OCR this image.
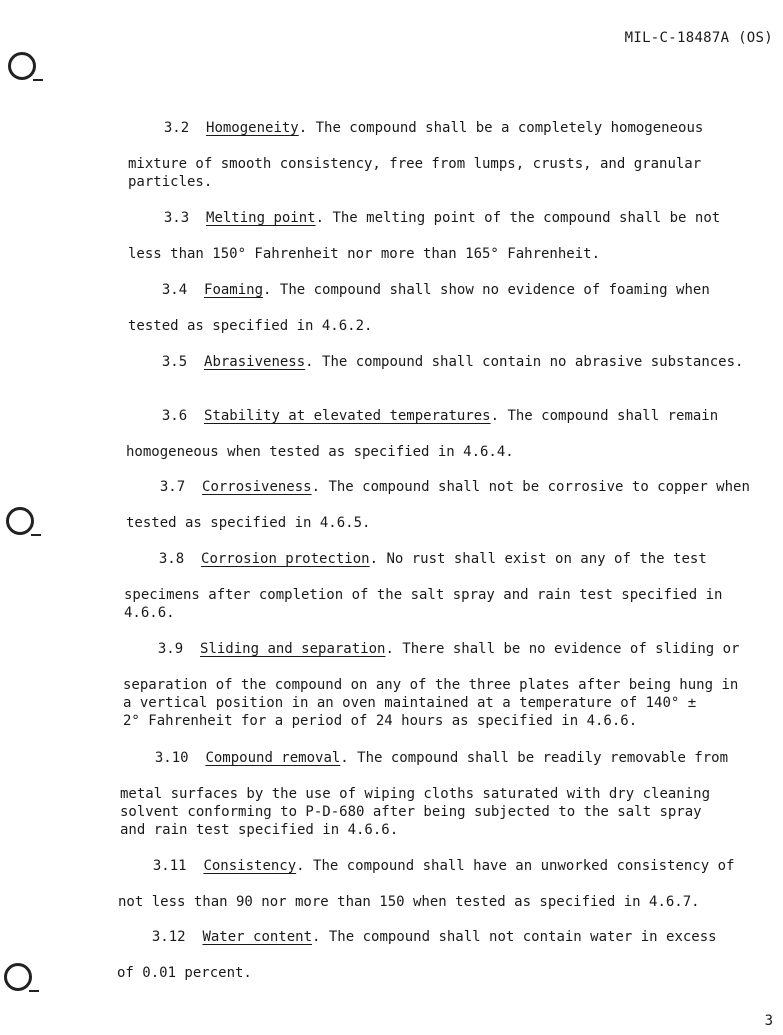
MIL-C-18487A (OS)

3.2 Homogeneity. The compound shall be a completely homogeneous

mixture of smooth consistency, free from lumps, crusts, and granular
particles.

3.3 Melting point. The melting point of the compound shall be not

less than 150° Fahrenheit nor more than 165° Fahrenheit.

3.4 Foaming. The compound shall show no evidence of foaming when

tested as specified in 4.6.2.

3.5 Abrasiveness. The compound shall contain no abrasive substances.

3.6 Stability at elevated temperatures. The compound shall remain

homogeneous when tested as specified in 4.6.4.

3.7 Corrosiveness. The compound shall not be corrosive to copper when

tested as specified in 4.6.5.

3.8 Corrosion protection. No rust shall exist on any of the test

specimens after completion of the salt spray and rain test specified in
4.6.6.

3.9 Sliding and separation. There shall be no evidence of sliding or

separation of the compound on any of the three plates after being hung in
a vertical position in an oven maintained at a temperature of 140° ±
2° Fahrenheit for a period of 24 hours as specified in 4.6.6.

3.10 Compound removal. The compound shall be readily removable from

metal surfaces by the use of wiping cloths saturated with dry cleaning
solvent conforming to P-D-680 after being subjected to the salt spray
and rain test specified in 4.6.6.

3.11 Consistency. The compound shall have an unworked consistency of

not less than 90 nor more than 150 when tested as specified in 4.6.7.

3.12 Water content. The compound shall not contain water in excess

of 0.01 percent.

3
